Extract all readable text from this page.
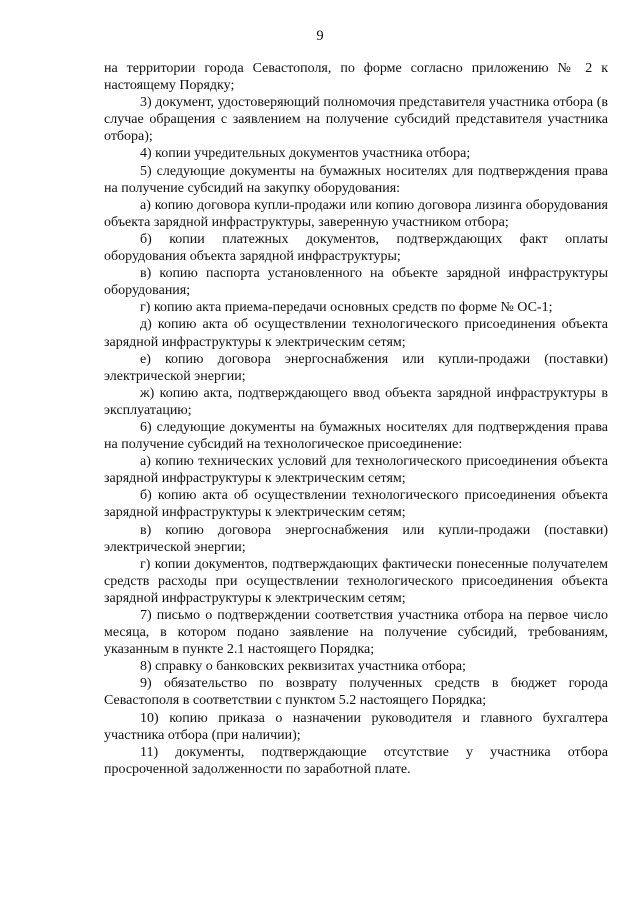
9

на территории города Севастополя, по форме согласно приложению № 2 к настоящему Порядку;

3) документ, удостоверяющий полномочия представителя участника отбора (в случае обращения с заявлением на получение субсидий представителя участника отбора);

4) копии учредительных документов участника отбора;

5) следующие документы на бумажных носителях для подтверждения права на получение субсидий на закупку оборудования:

а) копию договора купли-продажи или копию договора лизинга оборудования объекта зарядной инфраструктуры, заверенную участником отбора;

б) копии платежных документов, подтверждающих факт оплаты оборудования объекта зарядной инфраструктуры;

в) копию паспорта установленного на объекте зарядной инфраструктуры оборудования;

г) копию акта приема-передачи основных средств по форме № ОС-1;

д) копию акта об осуществлении технологического присоединения объекта зарядной инфраструктуры к электрическим сетям;

е) копию договора энергоснабжения или купли-продажи (поставки) электрической энергии;

ж) копию акта, подтверждающего ввод объекта зарядной инфраструктуры в эксплуатацию;

6) следующие документы на бумажных носителях для подтверждения права на получение субсидий на технологическое присоединение:

а) копию технических условий для технологического присоединения объекта зарядной инфраструктуры к электрическим сетям;

б) копию акта об осуществлении технологического присоединения объекта зарядной инфраструктуры к электрическим сетям;

в) копию договора энергоснабжения или купли-продажи (поставки) электрической энергии;

г) копии документов, подтверждающих фактически понесенные получателем средств расходы при осуществлении технологического присоединения объекта зарядной инфраструктуры к электрическим сетям;

7) письмо о подтверждении соответствия участника отбора на первое число месяца, в котором подано заявление на получение субсидий, требованиям, указанным в пункте 2.1 настоящего Порядка;

8) справку о банковских реквизитах участника отбора;

9) обязательство по возврату полученных средств в бюджет города Севастополя в соответствии с пунктом 5.2 настоящего Порядка;

10) копию приказа о назначении руководителя и главного бухгалтера участника отбора (при наличии);

11) документы, подтверждающие отсутствие у участника отбора просроченной задолженности по заработной плате.
